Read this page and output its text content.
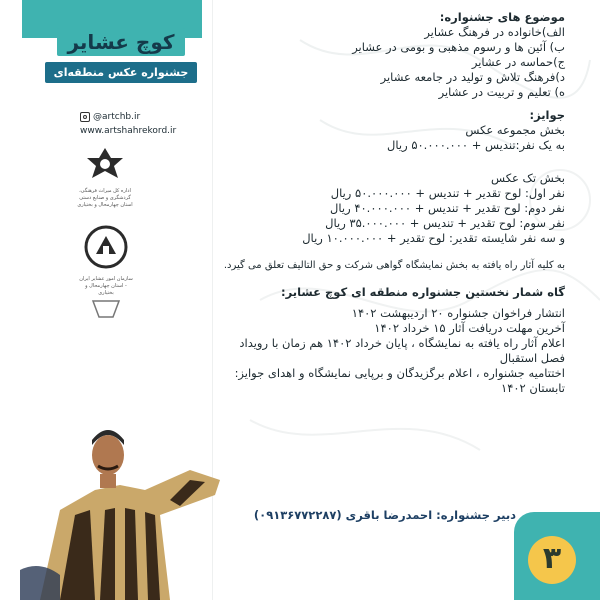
کوچ عشایر
جشنواره عکس منطقه‌ای
@artchb.ir
www.artshahrekord.ir
اداره کل میراث فرهنگی، گردشگری و صنایع دستی استان چهارمحال و بختیاری
سازمان امور عشایر ایران - استان چهارمحال و بختیاری
موضوع های جشنواره:
الف)خانواده در فرهنگ عشایر
ب) آئین ها و رسوم مذهبی و بومی در عشایر
ج)حماسه در عشایر
د)فرهنگ تلاش و تولید در جامعه عشایر
ه) تعلیم و تربیت در عشایر
جوایز:
بخش مجموعه عکس
به یک نفر:تندیس + ۵۰.۰۰۰.۰۰۰ ریال
بخش تک عکس
نفر اول: لوح تقدیر + تندیس + ۵۰.۰۰۰.۰۰۰ ریال
نفر دوم: لوح تقدیر + تندیس + ۴۰.۰۰۰.۰۰۰ ریال
نفر سوم: لوح تقدیر + تندیس + ۳۵.۰۰۰.۰۰۰ ریال
و سه نفر شایسته تقدیر: لوح تقدیر + ۱۰.۰۰۰.۰۰۰ ریال
به کلیه آثار راه یافته به بخش نمایشگاه گواهی شرکت و حق التالیف تعلق می گیرد.
گاه شمار نخستین جشنواره منطقه ای کوچ عشایر:
انتشار فراخوان جشنواره ۲۰ اردیبهشت ۱۴۰۲
آخرین مهلت دریافت آثار ۱۵ خرداد ۱۴۰۲
اعلام آثار راه یافته به نمایشگاه ، پایان خرداد ۱۴۰۲ هم زمان با رویداد فصل استقبال
اختتامیه جشنواره ، اعلام برگزیدگان و برپایی نمایشگاه و اهدای جوایز: تابستان ۱۴۰۲
دبیر جشنواره: احمدرضا باقری (۰۹۱۳۶۷۷۲۲۸۷)
۳
